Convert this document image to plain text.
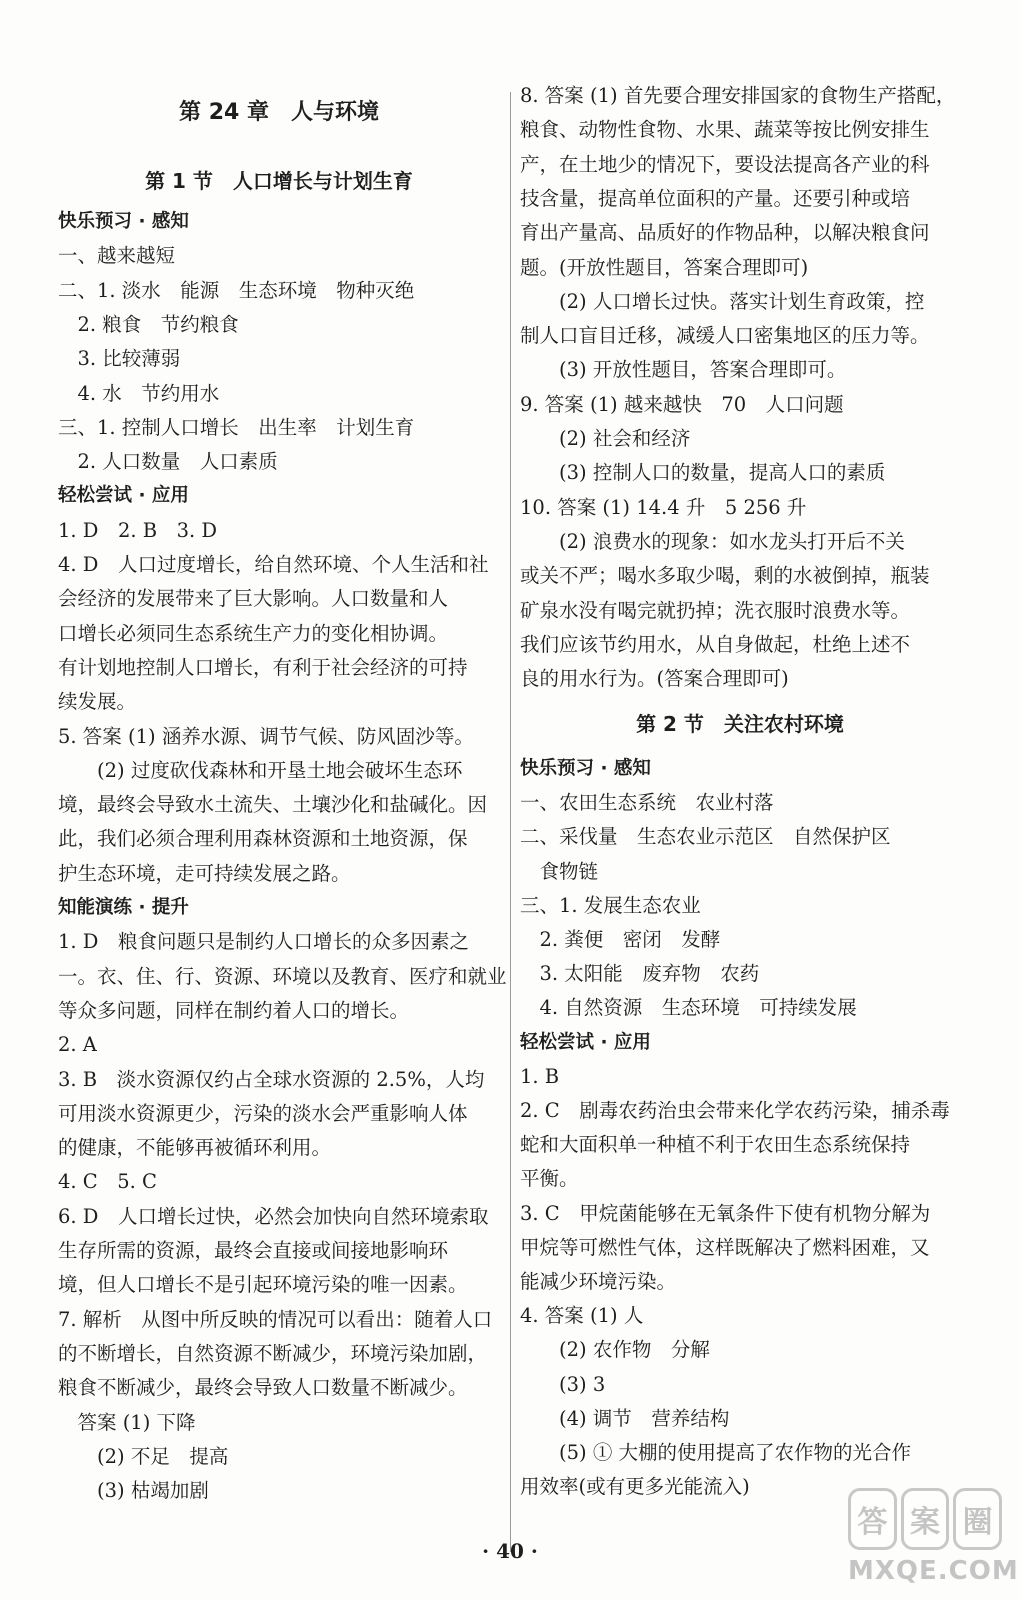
第 24 章　人与环境
第 1 节　人口增长与计划生育
快乐预习 · 感知
一、越来越短
二、1. 淡水　能源　生态环境　物种灭绝
　2. 粮食　节约粮食
　3. 比较薄弱
　4. 水　节约用水
三、1. 控制人口增长　出生率　计划生育
　2. 人口数量　人口素质
轻松尝试 · 应用
1. D　2. B　3. D
4. D　人口过度增长，给自然环境、个人生活和社
会经济的发展带来了巨大影响。人口数量和人
口增长必须同生态系统生产力的变化相协调。
有计划地控制人口增长，有利于社会经济的可持
续发展。
5. 答案 (1) 涵养水源、调节气候、防风固沙等。
　　(2) 过度砍伐森林和开垦土地会破坏生态环
境，最终会导致水土流失、土壤沙化和盐碱化。因
此，我们必须合理利用森林资源和土地资源，保
护生态环境，走可持续发展之路。
知能演练 · 提升
1. D　粮食问题只是制约人口增长的众多因素之
一。衣、住、行、资源、环境以及教育、医疗和就业
等众多问题，同样在制约着人口的增长。
2. A
3. B　淡水资源仅约占全球水资源的 2.5%，人均
可用淡水资源更少，污染的淡水会严重影响人体
的健康，不能够再被循环利用。
4. C　5. C
6. D　人口增长过快，必然会加快向自然环境索取
生存所需的资源，最终会直接或间接地影响环
境，但人口增长不是引起环境污染的唯一因素。
7. 解析　从图中所反映的情况可以看出：随着人口
的不断增长，自然资源不断减少，环境污染加剧，
粮食不断减少，最终会导致人口数量不断减少。
　答案 (1) 下降
　　(2) 不足　提高
　　(3) 枯竭加剧
8. 答案 (1) 首先要合理安排国家的食物生产搭配，
粮食、动物性食物、水果、蔬菜等按比例安排生
产，在土地少的情况下，要设法提高各产业的科
技含量，提高单位面积的产量。还要引种或培
育出产量高、品质好的作物品种，以解决粮食问
题。(开放性题目，答案合理即可)
　　(2) 人口增长过快。落实计划生育政策，控
制人口盲目迁移，减缓人口密集地区的压力等。
　　(3) 开放性题目，答案合理即可。
9. 答案 (1) 越来越快　70　人口问题
　　(2) 社会和经济
　　(3) 控制人口的数量，提高人口的素质
10. 答案 (1) 14.4 升　5 256 升
　　(2) 浪费水的现象：如水龙头打开后不关
或关不严；喝水多取少喝，剩的水被倒掉，瓶装
矿泉水没有喝完就扔掉；洗衣服时浪费水等。
我们应该节约用水，从自身做起，杜绝上述不
良的用水行为。(答案合理即可)
第 2 节　关注农村环境
快乐预习 · 感知
一、农田生态系统　农业村落
二、采伐量　生态农业示范区　自然保护区
　食物链
三、1. 发展生态农业
　2. 粪便　密闭　发酵
　3. 太阳能　废弃物　农药
　4. 自然资源　生态环境　可持续发展
轻松尝试 · 应用
1. B
2. C　剧毒农药治虫会带来化学农药污染，捕杀毒
蛇和大面积单一种植不利于农田生态系统保持
平衡。
3. C　甲烷菌能够在无氧条件下使有机物分解为
甲烷等可燃性气体，这样既解决了燃料困难，又
能减少环境污染。
4. 答案 (1) 人
　　(2) 农作物　分解
　　(3) 3
　　(4) 调节　营养结构
　　(5) ① 大棚的使用提高了农作物的光合作
用效率(或有更多光能流入)
· 40 ·
答 案 圈
MXQE.COM
